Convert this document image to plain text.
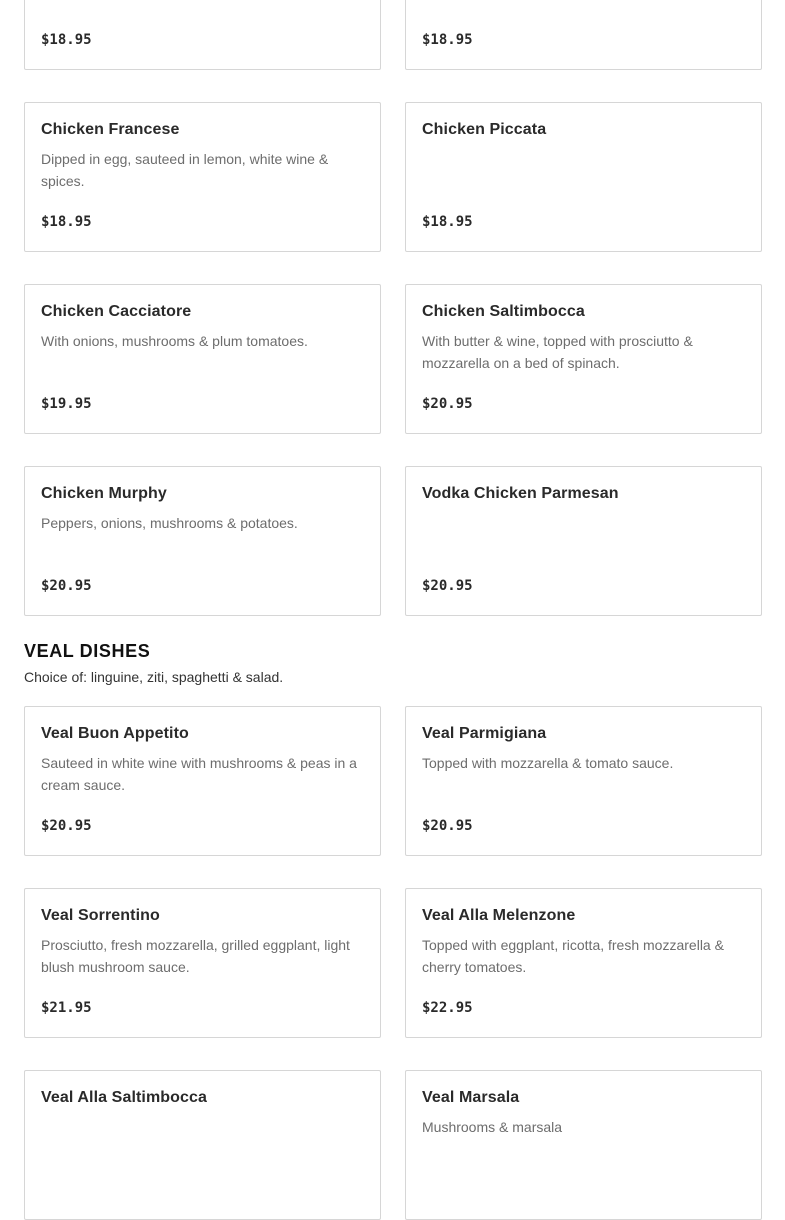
$18.95	$18.95
Chicken Francese
Dipped in egg, sauteed in lemon, white wine & spices.
$18.95
Chicken Piccata
$18.95
Chicken Cacciatore
With onions, mushrooms & plum tomatoes.
$19.95
Chicken Saltimbocca
With butter & wine, topped with prosciutto & mozzarella on a bed of spinach.
$20.95
Chicken Murphy
Peppers, onions, mushrooms & potatoes.
$20.95
Vodka Chicken Parmesan
$20.95
VEAL DISHES
Choice of: linguine, ziti, spaghetti & salad.
Veal Buon Appetito
Sauteed in white wine with mushrooms & peas in a cream sauce.
$20.95
Veal Parmigiana
Topped with mozzarella & tomato sauce.
$20.95
Veal Sorrentino
Prosciutto, fresh mozzarella, grilled eggplant, light blush mushroom sauce.
$21.95
Veal Alla Melenzone
Topped with eggplant, ricotta, fresh mozzarella & cherry tomatoes.
$22.95
Veal Alla Saltimbocca	Veal Marsala
Mushrooms & marsala
